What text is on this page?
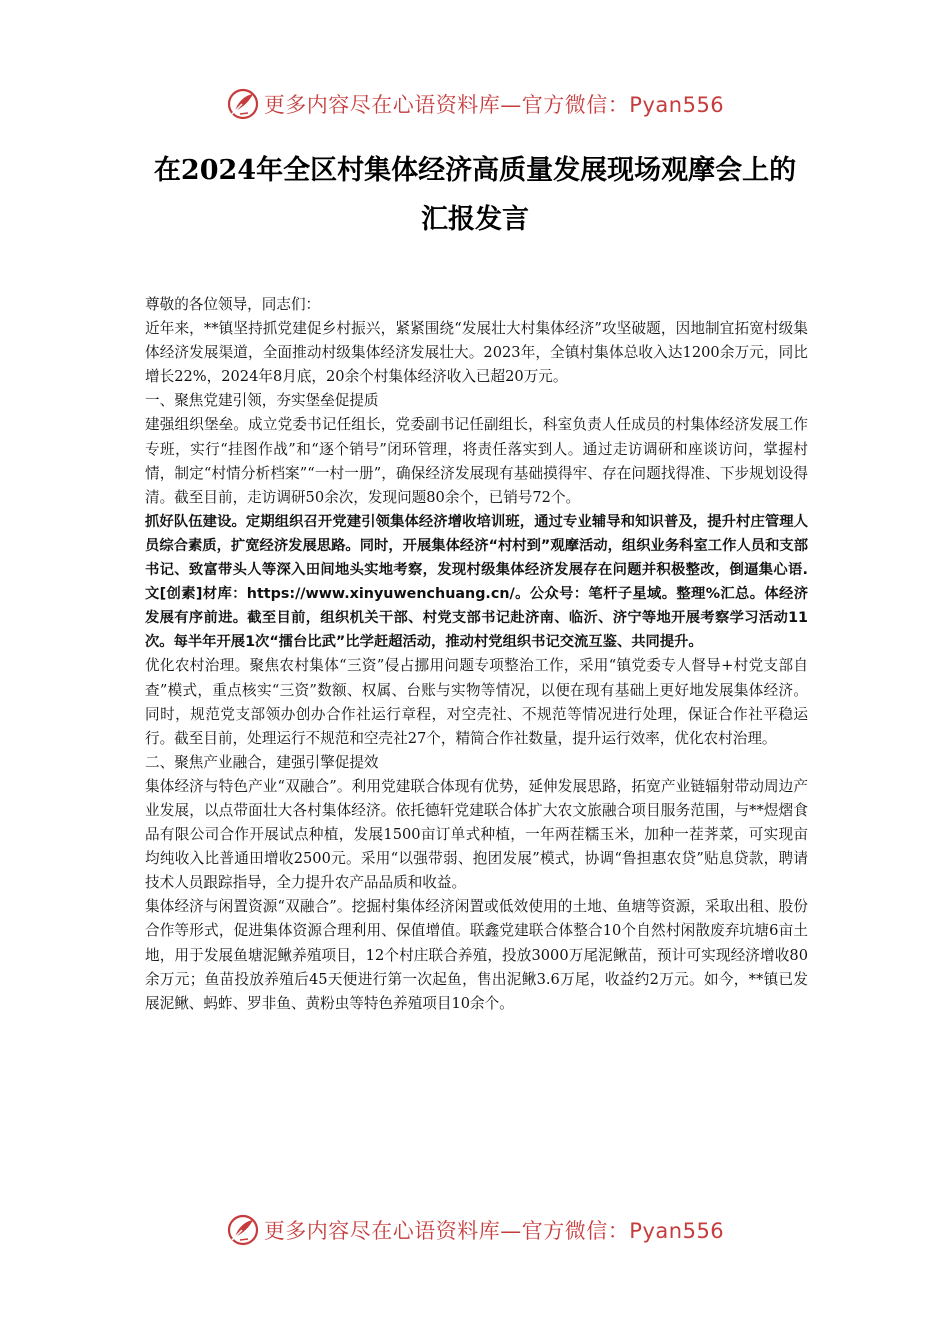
更多内容尽在心语资料库—官方微信：Pyan556
在2024年全区村集体经济高质量发展现场观摩会上的汇报发言

尊敬的各位领导，同志们：

近年来，**镇坚持抓党建促乡村振兴，紧紧围绕“发展壮大村集体经济”攻坚破题，因地制宜拓宽村级集体经济发展渠道，全面推动村级集体经济发展壮大。2023年，全镇村集体总收入达1200余万元，同比增长22%，2024年8月底，20余个村集体经济收入已超20万元。

一、聚焦党建引领，夯实堡垒促提质

建强组织堡垒。成立党委书记任组长，党委副书记任副组长，科室负责人任成员的村集体经济发展工作专班，实行“挂图作战”和“逐个销号”闭环管理，将责任落实到人。通过走访调研和座谈访问，掌握村情，制定“村情分析档案”“一村一册”，确保经济发展现有基础摸得牢、存在问题找得准、下步规划设得清。截至目前，走访调研50余次，发现问题80余个，已销号72个。

抓好队伍建设。定期组织召开党建引领集体经济增收培训班，通过专业辅导和知识普及，提升村庄管理人员综合素质，扩宽经济发展思路。同时，开展集体经济“村村到”观摩活动，组织业务科室工作人员和支部书记、致富带头人等深入田间地头实地考察，发现村级集体经济发展存在问题并积极整改，倒逼集心语.文[创素]材库：https://www.xinyuwenchuang.cn/。公众号：笔杆子星域。整理%汇总。体经济发展有序前进。截至目前，组织机关干部、村党支部书记赴济南、临沂、济宁等地开展考察学习活动11次。每半年开展1次“擂台比武”比学赶超活动，推动村党组织书记交流互鉴、共同提升。

优化农村治理。聚焦农村集体“三资”侵占挪用问题专项整治工作，采用“镇党委专人督导+村党支部自查”模式，重点核实“三资”数额、权属、台账与实物等情况，以便在现有基础上更好地发展集体经济。同时，规范党支部领办创办合作社运行章程，对空壳社、不规范等情况进行处理，保证合作社平稳运行。截至目前，处理运行不规范和空壳社27个，精简合作社数量，提升运行效率，优化农村治理。

二、聚焦产业融合，建强引擎促提效

集体经济与特色产业“双融合”。利用党建联合体现有优势，延伸发展思路，拓宽产业链辐射带动周边产业发展，以点带面壮大各村集体经济。依托德轩党建联合体扩大农文旅融合项目服务范围，与**煜熠食品有限公司合作开展试点种植，发展1500亩订单式种植，一年两茬糯玉米，加种一茬荠菜，可实现亩均纯收入比普通田增收2500元。采用“以强带弱、抱团发展”模式，协调“鲁担惠农贷”贴息贷款，聘请技术人员跟踪指导，全力提升农产品品质和收益。

集体经济与闲置资源“双融合”。挖掘村集体经济闲置或低效使用的土地、鱼塘等资源，采取出租、股份合作等形式，促进集体资源合理利用、保值增值。联鑫党建联合体整合10个自然村闲散废弃坑塘6亩土地，用于发展鱼塘泥鳅养殖项目，12个村庄联合养殖，投放3000万尾泥鳅苗，预计可实现经济增收80余万元；鱼苗投放养殖后45天便进行第一次起鱼，售出泥鳅3.6万尾，收益约2万元。如今，**镇已发展泥鳅、蚂蚱、罗非鱼、黄粉虫等特色养殖项目10余个。

更多内容尽在心语资料库—官方微信：Pyan556
